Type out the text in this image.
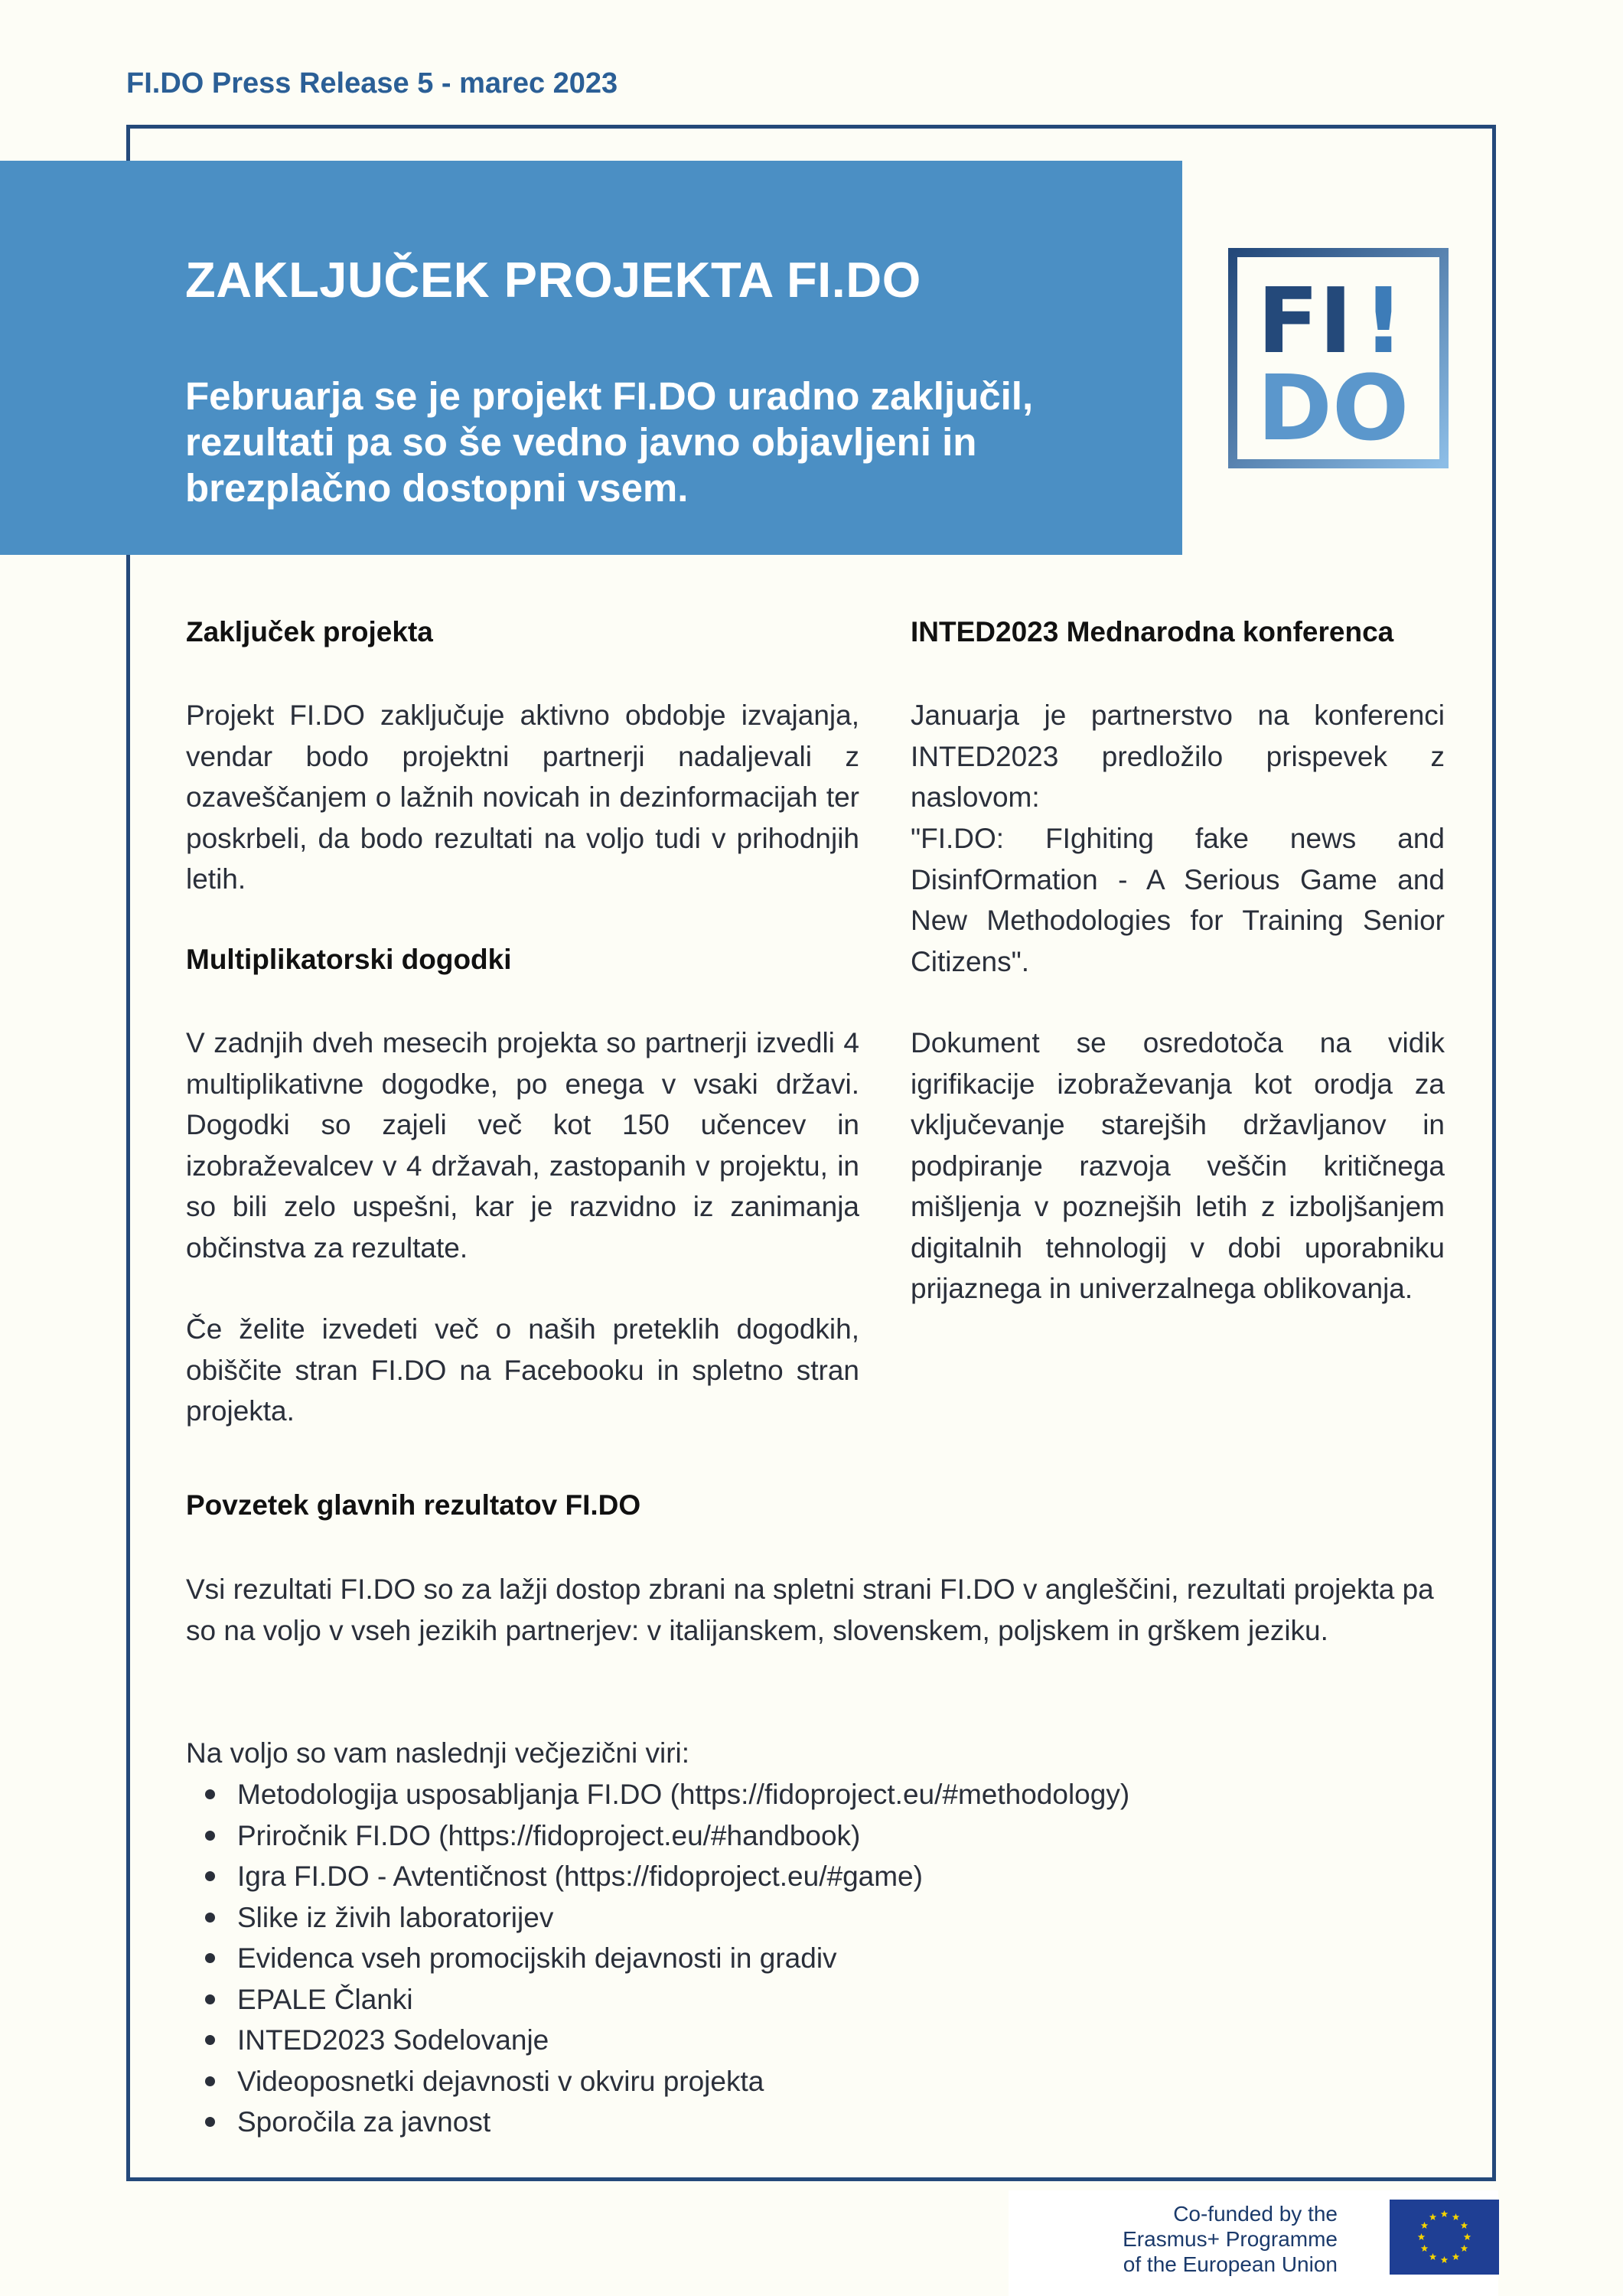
FI.DO Press Release 5 - marec 2023
ZAKLJUČEK PROJEKTA FI.DO
Februarja se je projekt FI.DO uradno zaključil, rezultati pa so še vedno javno objavljeni in brezplačno dostopni vsem.
FI !
DO
Zaključek projekta

Projekt FI.DO zaključuje aktivno obdobje izvajanja, vendar bodo projektni partnerji nadaljevali z ozaveščanjem o lažnih novicah in dezinformacijah ter poskrbeli, da bodo rezultati na voljo tudi v prihodnjih letih.

Multiplikatorski dogodki

V zadnjih dveh mesecih projekta so partnerji izvedli 4 multiplikativne dogodke, po enega v vsaki državi. Dogodki so zajeli več kot 150 učencev in izobraževalcev v 4 državah, zastopanih v projektu, in so bili zelo uspešni, kar je razvidno iz zanimanja občinstva za rezultate.

Če želite izvedeti več o naših preteklih dogodkih, obiščite stran FI.DO na Facebooku in spletno stran projekta.

INTED2023 Mednarodna konferenca

Januarja je partnerstvo na konferenci INTED2023 predložilo prispevek z naslovom:

"FI.DO: FIghiting fake news and DisinfOrmation - A Serious Game and New Methodologies for Training Senior Citizens".

Dokument se osredotoča na vidik igrifikacije izobraževanja kot orodja za vključevanje starejših državljanov in podpiranje razvoja veščin kritičnega mišljenja v poznejših letih z izboljšanjem digitalnih tehnologij v dobi uporabniku prijaznega in univerzalnega oblikovanja.

Povzetek glavnih rezultatov FI.DO

Vsi rezultati FI.DO so za lažji dostop zbrani na spletni strani FI.DO v angleščini, rezultati projekta pa so na voljo v vseh jezikih partnerjev: v italijanskem, slovenskem, poljskem in grškem jeziku.

Na voljo so vam naslednji večjezični viri:
Metodologija usposabljanja FI.DO (https://fidoproject.eu/#methodology)
Priročnik FI.DO (https://fidoproject.eu/#handbook)
Igra FI.DO - Avtentičnost (https://fidoproject.eu/#game)
Slike iz živih laboratorijev
Evidenca vseh promocijskih dejavnosti in gradiv
EPALE Članki
INTED2023 Sodelovanje
Videoposnetki dejavnosti v okviru projekta
Sporočila za javnost
Co-funded by the
Erasmus+ Programme
of the European Union
